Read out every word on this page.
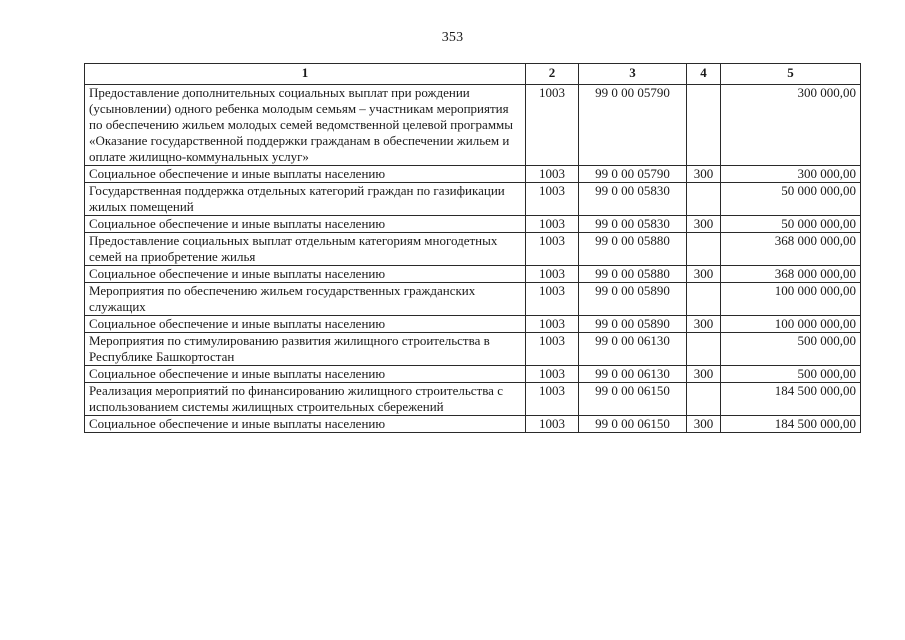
353
1	2	3	4	5
Предоставление дополнительных социальных выплат при рождении (усыновлении) одного ребенка молодым семьям – участникам мероприятия по обеспечению жильем молодых семей ведомственной целевой программы «Оказание государственной поддержки гражданам в обеспечении жильем и оплате жилищно-коммунальных услуг»	1003	99 0 00 05790		300 000,00
Социальное обеспечение и иные выплаты населению	1003	99 0 00 05790	300	300 000,00
Государственная поддержка отдельных категорий граждан по газификации жилых помещений	1003	99 0 00 05830		50 000 000,00
Социальное обеспечение и иные выплаты населению	1003	99 0 00 05830	300	50 000 000,00
Предоставление социальных выплат отдельным категориям многодетных семей на приобретение жилья	1003	99 0 00 05880		368 000 000,00
Социальное обеспечение и иные выплаты населению	1003	99 0 00 05880	300	368 000 000,00
Мероприятия по обеспечению жильем государственных гражданских служащих	1003	99 0 00 05890		100 000 000,00
Социальное обеспечение и иные выплаты населению	1003	99 0 00 05890	300	100 000 000,00
Мероприятия по стимулированию развития жилищного строительства в Республике Башкортостан	1003	99 0 00 06130		500 000,00
Социальное обеспечение и иные выплаты населению	1003	99 0 00 06130	300	500 000,00
Реализация мероприятий по финансированию жилищного строительства с использованием системы жилищных строительных сбережений	1003	99 0 00 06150		184 500 000,00
Социальное обеспечение и иные выплаты населению	1003	99 0 00 06150	300	184 500 000,00
